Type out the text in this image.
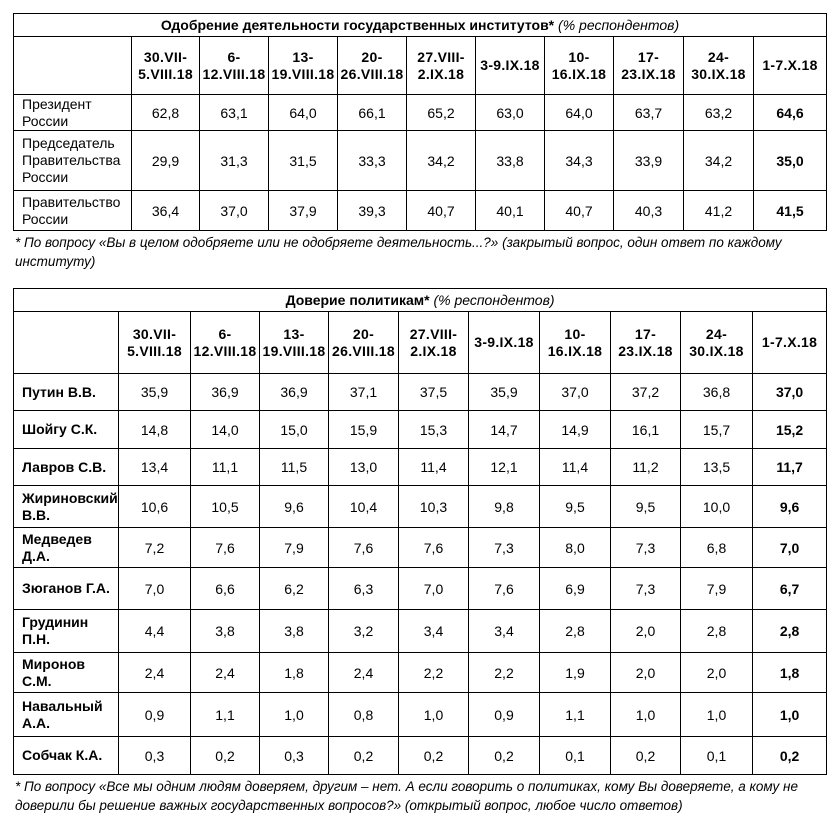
Одобрение деятельности государственных институтов* (% респондентов)										
	30.VII-5.VIII.18	6-12.VIII.18	13-19.VIII.18	20-26.VIII.18	27.VIII-2.IX.18	3-9.IX.18	10-16.IX.18	17-23.IX.18	24-30.IX.18	1-7.X.18
Президент России	62,8	63,1	64,0	66,1	65,2	63,0	64,0	63,7	63,2	64,6
Председатель Правительства России	29,9	31,3	31,5	33,3	34,2	33,8	34,3	33,9	34,2	35,0
Правительство России	36,4	37,0	37,9	39,3	40,7	40,1	40,7	40,3	41,2	41,5
* По вопросу «Вы в целом одобряете или не одобряете деятельность...?» (закрытый вопрос, один ответ по каждому институту)
Доверие политикам* (% респондентов)										
	30.VII-5.VIII.18	6-12.VIII.18	13-19.VIII.18	20-26.VIII.18	27.VIII-2.IX.18	3-9.IX.18	10-16.IX.18	17-23.IX.18	24-30.IX.18	1-7.X.18
Путин В.В.	35,9	36,9	36,9	37,1	37,5	35,9	37,0	37,2	36,8	37,0
Шойгу С.К.	14,8	14,0	15,0	15,9	15,3	14,7	14,9	16,1	15,7	15,2
Лавров С.В.	13,4	11,1	11,5	13,0	11,4	12,1	11,4	11,2	13,5	11,7
Жириновский В.В.	10,6	10,5	9,6	10,4	10,3	9,8	9,5	9,5	10,0	9,6
Медведев Д.А.	7,2	7,6	7,9	7,6	7,6	7,3	8,0	7,3	6,8	7,0
Зюганов Г.А.	7,0	6,6	6,2	6,3	7,0	7,6	6,9	7,3	7,9	6,7
Грудинин П.Н.	4,4	3,8	3,8	3,2	3,4	3,4	2,8	2,0	2,8	2,8
Миронов С.М.	2,4	2,4	1,8	2,4	2,2	2,2	1,9	2,0	2,0	1,8
Навальный А.А.	0,9	1,1	1,0	0,8	1,0	0,9	1,1	1,0	1,0	1,0
Собчак К.А.	0,3	0,2	0,3	0,2	0,2	0,2	0,1	0,2	0,1	0,2
* По вопросу «Все мы одним людям доверяем, другим – нет. А если говорить о политиках, кому Вы доверяете, а кому не доверили бы решение важных государственных вопросов?» (открытый вопрос, любое число ответов)
